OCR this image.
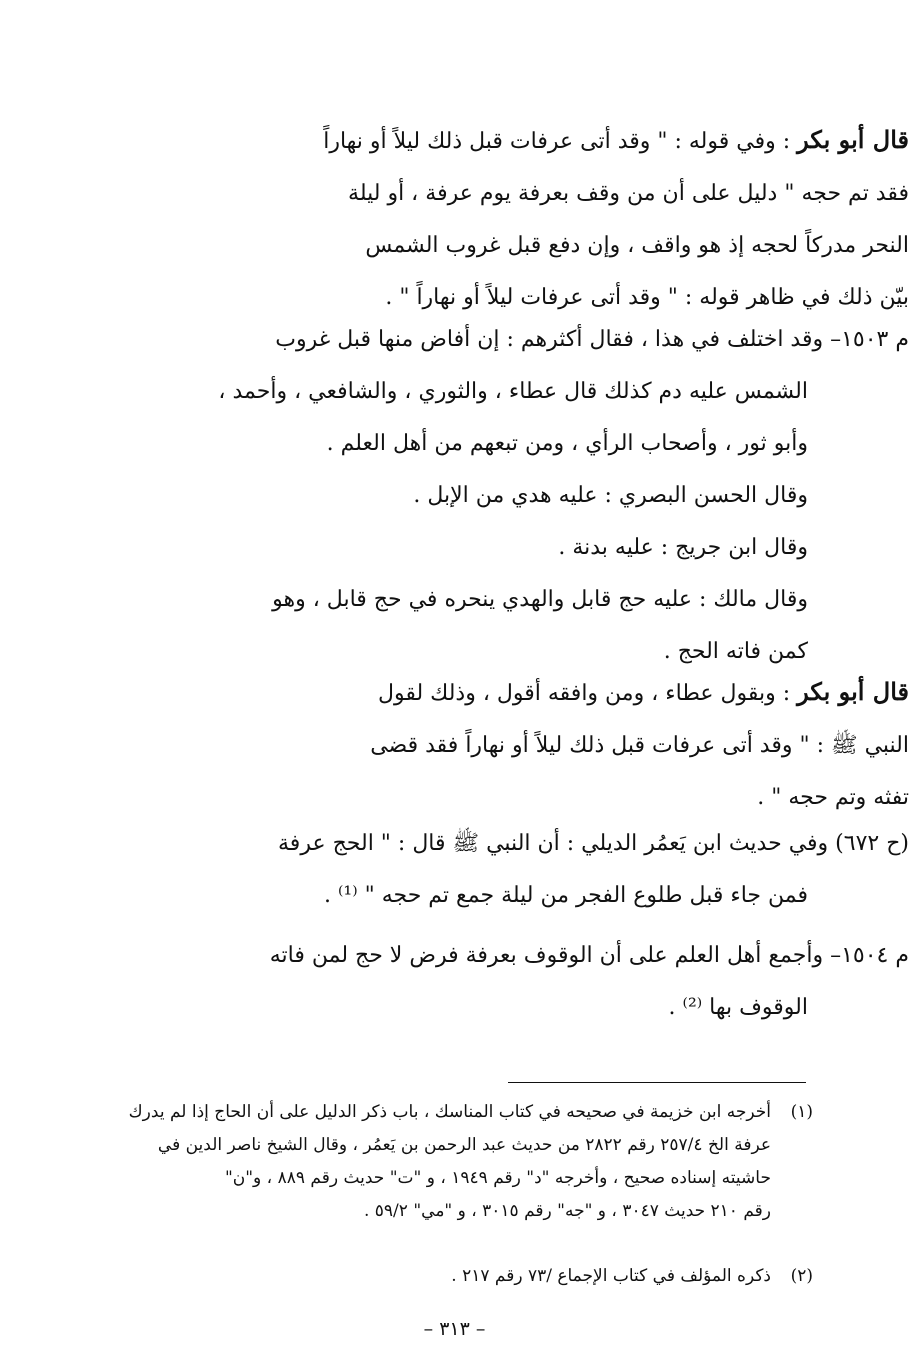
قال أبو بكر : وفي قوله : " وقد أتى عرفات قبل ذلك ليلاً أو نهاراً
فقد تم حجه " دليل على أن من وقف بعرفة يوم عرفة ، أو ليلة
النحر مدركاً لحجه إذ هو واقف ، وإن دفع قبل غروب الشمس
بيّن ذلك في ظاهر قوله : " وقد أتى عرفات ليلاً أو نهاراً " .
م ١٥٠٣– وقد اختلف في هذا ، فقال أكثرهم : إن أفاض منها قبل غروب
الشمس عليه دم كذلك قال عطاء ، والثوري ، والشافعي ، وأحمد ،
وأبو ثور ، وأصحاب الرأي ، ومن تبعهم من أهل العلم .
وقال الحسن البصري : عليه هدي من الإبل .
وقال ابن جريج : عليه بدنة .
وقال مالك : عليه حج قابل والهدي ينحره في حج قابل ، وهو
كمن فاته الحج .
قال أبو بكر : وبقول عطاء ، ومن وافقه أقول ، وذلك لقول
النبي ﷺ : " وقد أتى عرفات قبل ذلك ليلاً أو نهاراً فقد قضى
تفثه وتم حجه " .
(ح ٦٧٢) وفي حديث ابن يَعمُر الديلي : أن النبي ﷺ قال : " الحج عرفة
فمن جاء قبل طلوع الفجر من ليلة جمع تم حجه " ⁽¹⁾ .
م ١٥٠٤– وأجمع أهل العلم على أن الوقوف بعرفة فرض لا حج لمن فاته
الوقوف بها ⁽²⁾ .
(١)أخرجه ابن خزيمة في صحيحه في كتاب المناسك ، باب ذكر الدليل على أن الحاج إذا لم يدرك
عرفة الخ ٢٥٧/٤ رقم ٢٨٢٢ من حديث عبد الرحمن بن يَعمُر ، وقال الشيخ ناصر الدين في
حاشيته إسناده صحيح ، وأخرجه "د" رقم ١٩٤٩ ، و "ت" حديث رقم ٨٨٩ ، و"ن"
رقم ٢١٠ حديث ٣٠٤٧ ، و "جه" رقم ٣٠١٥ ، و "مي" ٥٩/٢ .
(٢)ذكره المؤلف في كتاب الإجماع /٧٣ رقم ٢١٧ .
– ٣١٣ –
